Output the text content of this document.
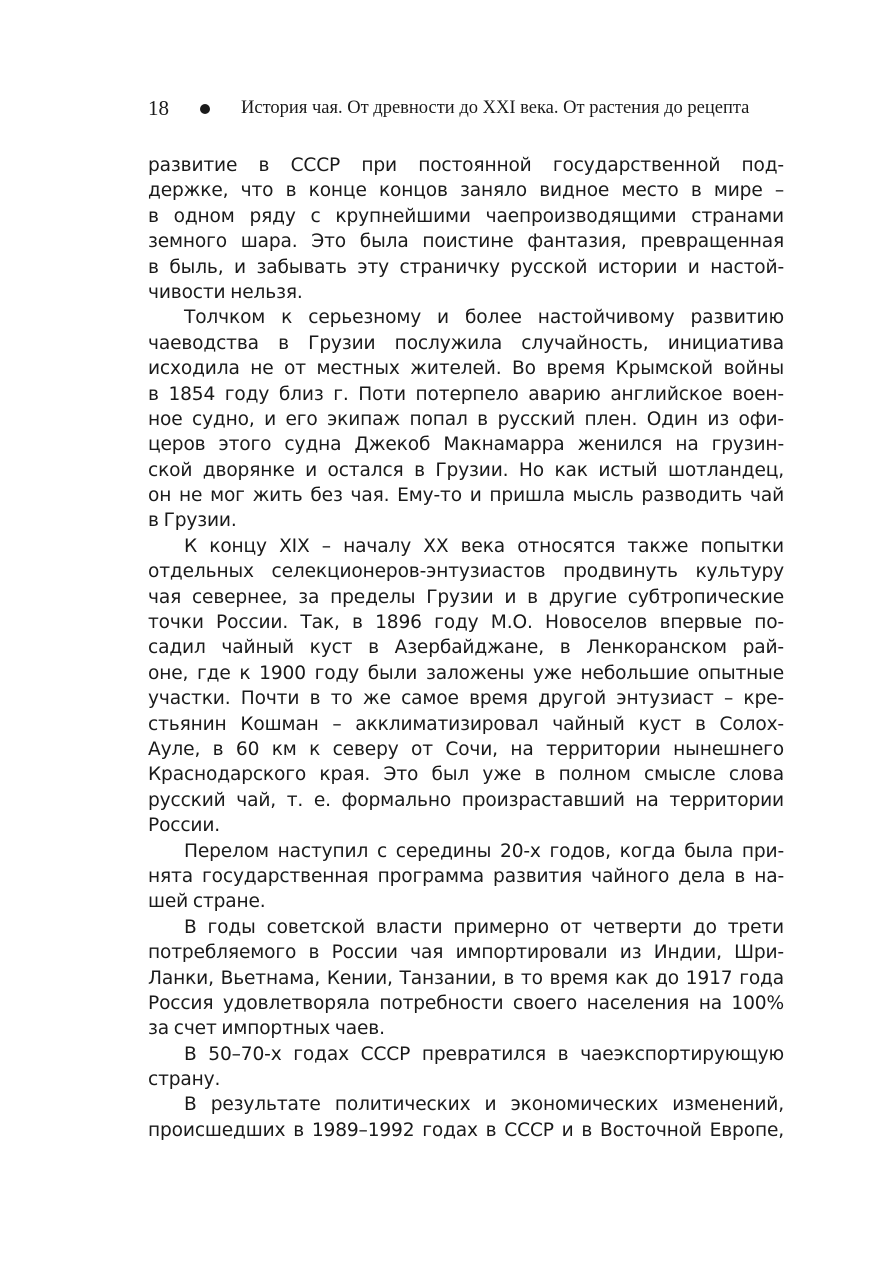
18	История чая. От древности до XXI века. От растения до рецепта
развитие в СССР при постоянной государственной под-
держке, что в конце концов заняло видное место в мире –
в одном ряду с крупнейшими чаепроизводящими странами
земного шара. Это была поистине фантазия, превращенная
в быль, и забывать эту страничку русской истории и настой-
чивости нельзя.
Толчком к серьезному и более настойчивому развитию
чаеводства в Грузии послужила случайность, инициатива
исходила не от местных жителей. Во время Крымской войны
в 1854 году близ г. Поти потерпело аварию английское воен-
ное судно, и его экипаж попал в русский плен. Один из офи-
церов этого судна Джекоб Макнамарра женился на грузин-
ской дворянке и остался в Грузии. Но как истый шотландец,
он не мог жить без чая. Ему-то и пришла мысль разводить чай
в Грузии.
К концу XIX – началу XX века относятся также попытки
отдельных селекционеров-энтузиастов продвинуть культуру
чая севернее, за пределы Грузии и в другие субтропические
точки России. Так, в 1896 году М.О. Новоселов впервые по-
садил чайный куст в Азербайджане, в Ленкоранском рай-
оне, где к 1900 году были заложены уже небольшие опытные
участки. Почти в то же самое время другой энтузиаст – кре-
стьянин Кошман – акклиматизировал чайный куст в Солох-
Ауле, в 60 км к северу от Сочи, на территории нынешнего
Краснодарского края. Это был уже в полном смысле слова
русский чай, т. е. формально произраставший на территории
России.
Перелом наступил с середины 20-х годов, когда была при-
нята государственная программа развития чайного дела в на-
шей стране.
В годы советской власти примерно от четверти до трети
потребляемого в России чая импортировали из Индии, Шри-
Ланки, Вьетнама, Кении, Танзании, в то время как до 1917 года
Россия удовлетворяла потребности своего населения на 100%
за счет импортных чаев.
В 50–70-х годах СССР превратился в чаеэкспортирующую
страну.
В результате политических и экономических изменений,
происшедших в 1989–1992 годах в СССР и в Восточной Европе,
